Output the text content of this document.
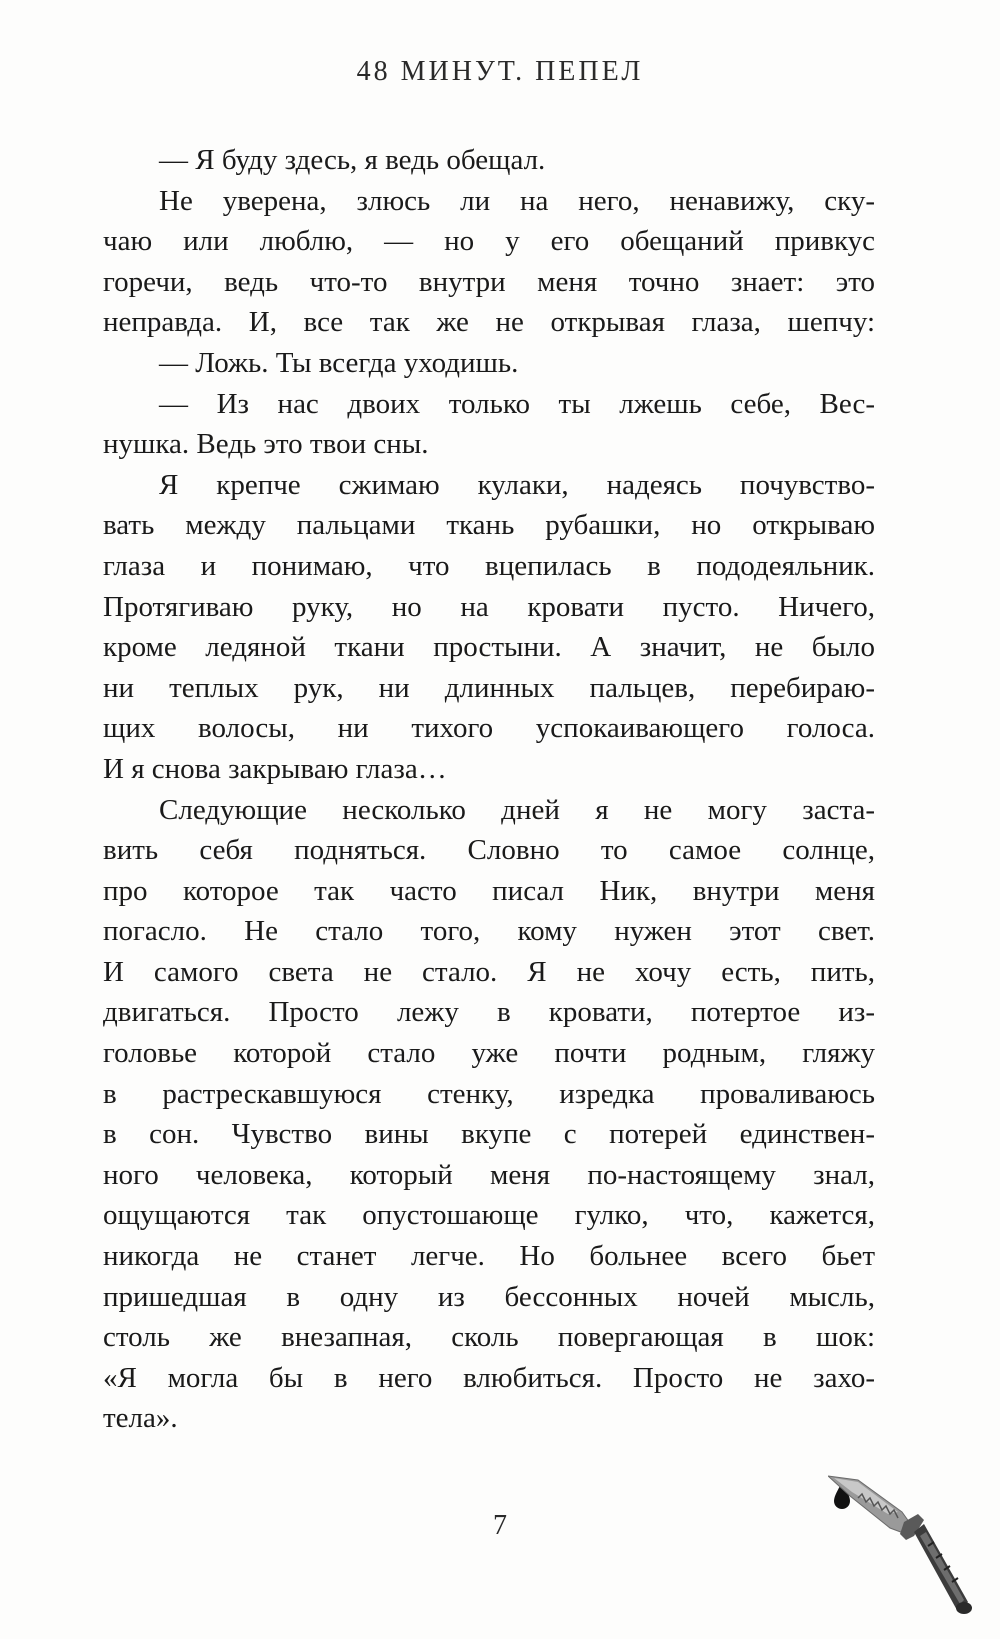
48 МИНУТ. ПЕПЕЛ
— Я буду здесь, я ведь обещал.
Не уверена, злюсь ли на него, ненавижу, ску-
чаю или люблю, — но у его обещаний привкус
горечи, ведь что-то внутри меня точно знает: это
неправда. И, все так же не открывая глаза, шепчу:
— Ложь. Ты всегда уходишь.
— Из нас двоих только ты лжешь себе, Вес-
нушка. Ведь это твои сны.
Я крепче сжимаю кулаки, надеясь почувство-
вать между пальцами ткань рубашки, но открываю
глаза и понимаю, что вцепилась в пододеяльник.
Протягиваю руку, но на кровати пусто. Ничего,
кроме ледяной ткани простыни. А значит, не было
ни теплых рук, ни длинных пальцев, перебираю-
щих волосы, ни тихого успокаивающего голоса.
И я снова закрываю глаза…
Следующие несколько дней я не могу заста-
вить себя подняться. Словно то самое солнце,
про которое так часто писал Ник, внутри меня
погасло. Не стало того, кому нужен этот свет.
И самого света не стало. Я не хочу есть, пить,
двигаться. Просто лежу в кровати, потертое из-
головье которой стало уже почти родным, гляжу
в растрескавшуюся стенку, изредка проваливаюсь
в сон. Чувство вины вкупе с потерей единствен-
ного человека, который меня по-настоящему знал,
ощущаются так опустошающе гулко, что, кажется,
никогда не станет легче. Но больнее всего бьет
пришедшая в одну из бессонных ночей мысль,
столь же внезапная, сколь повергающая в шок:
«Я могла бы в него влюбиться. Просто не захо-
тела».
7
